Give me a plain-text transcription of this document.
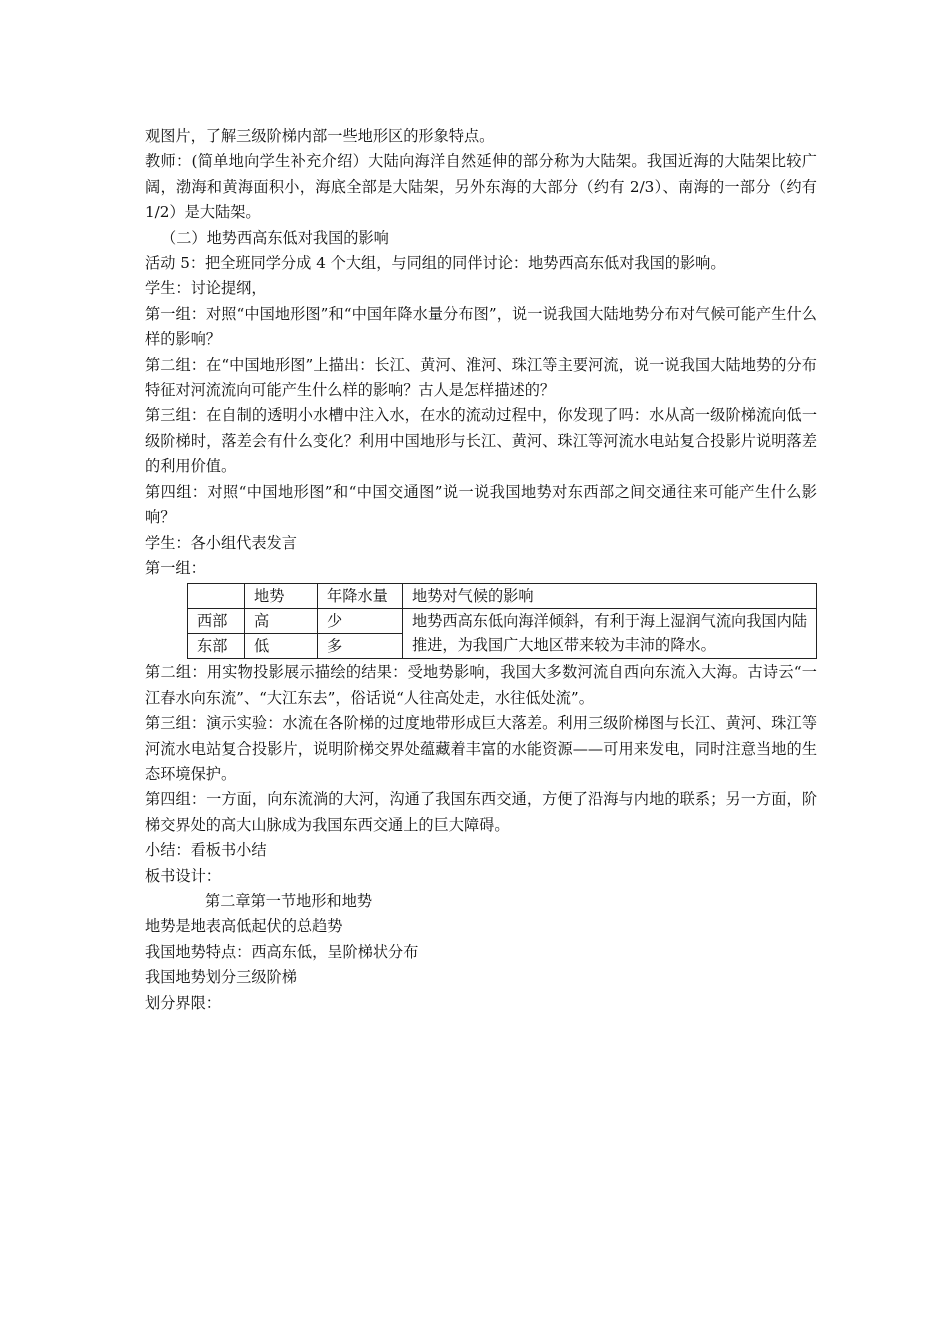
观图片，了解三级阶梯内部一些地形区的形象特点。

教师：(简单地向学生补充介绍）大陆向海洋自然延伸的部分称为大陆架。我国近海的大陆架比较广阔，渤海和黄海面积小，海底全部是大陆架，另外东海的大部分（约有 2/3）、南海的一部分（约有 1/2）是大陆架。

（二）地势西高东低对我国的影响

活动 5：把全班同学分成 4 个大组，与同组的同伴讨论：地势西高东低对我国的影响。

学生：讨论提纲，

第一组：对照“中国地形图”和“中国年降水量分布图”，说一说我国大陆地势分布对气候可能产生什么样的影响？

第二组：在“中国地形图”上描出：长江、黄河、淮河、珠江等主要河流，说一说我国大陆地势的分布特征对河流流向可能产生什么样的影响？古人是怎样描述的？

第三组：在自制的透明小水槽中注入水，在水的流动过程中，你发现了吗：水从高一级阶梯流向低一级阶梯时，落差会有什么变化？利用中国地形与长江、黄河、珠江等河流水电站复合投影片说明落差的利用价值。

第四组：对照“中国地形图”和“中国交通图”说一说我国地势对东西部之间交通往来可能产生什么影响？

学生：各小组代表发言

第一组：

	地势	年降水量	地势对气候的影响
西部	高	少	地势西高东低向海洋倾斜，有利于海上湿润气流向我国内陆推进，为我国广大地区带来较为丰沛的降水。
东部	低	多	

第二组：用实物投影展示描绘的结果：受地势影响，我国大多数河流自西向东流入大海。古诗云“一江春水向东流”、“大江东去”，俗话说“人往高处走，水往低处流”。

第三组：演示实验：水流在各阶梯的过度地带形成巨大落差。利用三级阶梯图与长江、黄河、珠江等河流水电站复合投影片，说明阶梯交界处蕴藏着丰富的水能资源——可用来发电，同时注意当地的生态环境保护。

第四组：一方面，向东流淌的大河，沟通了我国东西交通，方便了沿海与内地的联系；另一方面，阶梯交界处的高大山脉成为我国东西交通上的巨大障碍。

小结：看板书小结

板书设计：

第二章第一节地形和地势

地势是地表高低起伏的总趋势

我国地势特点：西高东低，呈阶梯状分布

我国地势划分三级阶梯

划分界限：
